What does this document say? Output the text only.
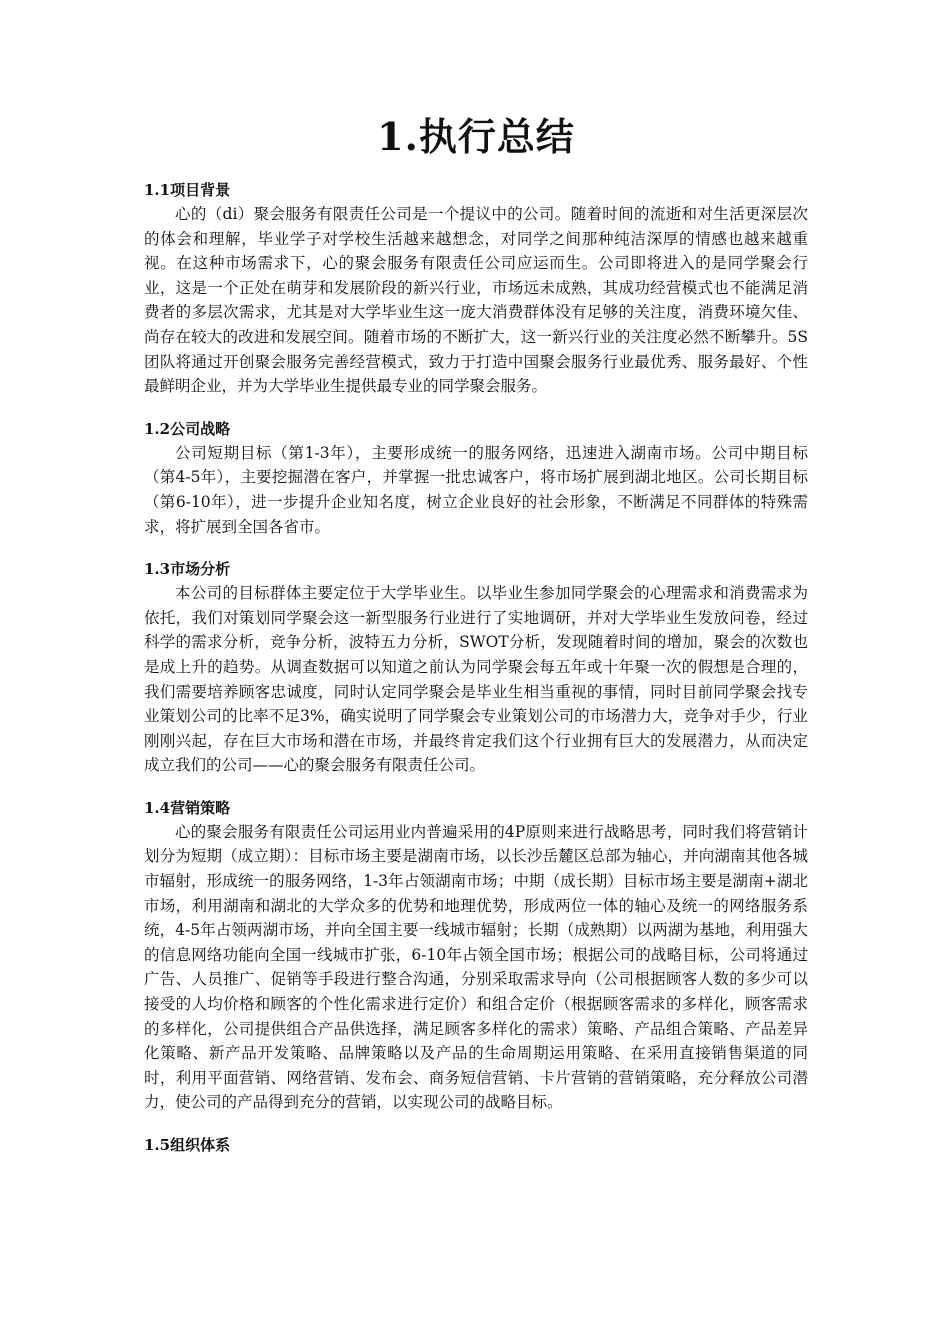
1.执行总结

1.1项目背景

心的（di）聚会服务有限责任公司是一个提议中的公司。随着时间的流逝和对生活更深层次的体会和理解，毕业学子对学校生活越来越想念，对同学之间那种纯洁深厚的情感也越来越重视。在这种市场需求下，心的聚会服务有限责任公司应运而生。公司即将进入的是同学聚会行业，这是一个正处在萌芽和发展阶段的新兴行业，市场远未成熟，其成功经营模式也不能满足消费者的多层次需求，尤其是对大学毕业生这一庞大消费群体没有足够的关注度，消费环境欠佳、尚存在较大的改进和发展空间。随着市场的不断扩大，这一新兴行业的关注度必然不断攀升。5S团队将通过开创聚会服务完善经营模式，致力于打造中国聚会服务行业最优秀、服务最好、个性最鲜明企业，并为大学毕业生提供最专业的同学聚会服务。

1.2公司战略

公司短期目标（第1-3年），主要形成统一的服务网络，迅速进入湖南市场。公司中期目标（第4-5年），主要挖掘潜在客户，并掌握一批忠诚客户，将市场扩展到湖北地区。公司长期目标（第6-10年），进一步提升企业知名度，树立企业良好的社会形象，不断满足不同群体的特殊需求，将扩展到全国各省市。

1.3市场分析

本公司的目标群体主要定位于大学毕业生。以毕业生参加同学聚会的心理需求和消费需求为依托，我们对策划同学聚会这一新型服务行业进行了实地调研，并对大学毕业生发放问卷，经过科学的需求分析，竞争分析，波特五力分析，SWOT分析，发现随着时间的增加，聚会的次数也是成上升的趋势。从调查数据可以知道之前认为同学聚会每五年或十年聚一次的假想是合理的，我们需要培养顾客忠诚度，同时认定同学聚会是毕业生相当重视的事情，同时目前同学聚会找专业策划公司的比率不足3%，确实说明了同学聚会专业策划公司的市场潜力大，竞争对手少，行业刚刚兴起，存在巨大市场和潜在市场，并最终肯定我们这个行业拥有巨大的发展潜力，从而决定成立我们的公司——心的聚会服务有限责任公司。

1.4营销策略

心的聚会服务有限责任公司运用业内普遍采用的4P原则来进行战略思考，同时我们将营销计划分为短期（成立期）：目标市场主要是湖南市场，以长沙岳麓区总部为轴心，并向湖南其他各城市辐射，形成统一的服务网络，1-3年占领湖南市场；中期（成长期）目标市场主要是湖南+湖北市场，利用湖南和湖北的大学众多的优势和地理优势，形成两位一体的轴心及统一的网络服务系统，4-5年占领两湖市场，并向全国主要一线城市辐射；长期（成熟期）以两湖为基地，利用强大的信息网络功能向全国一线城市扩张，6-10年占领全国市场；根据公司的战略目标，公司将通过广告、人员推广、促销等手段进行整合沟通，分别采取需求导向（公司根据顾客人数的多少可以接受的人均价格和顾客的个性化需求进行定价）和组合定价（根据顾客需求的多样化，顾客需求的多样化，公司提供组合产品供选择，满足顾客多样化的需求）策略、产品组合策略、产品差异化策略、新产品开发策略、品牌策略以及产品的生命周期运用策略、在采用直接销售渠道的同时，利用平面营销、网络营销、发布会、商务短信营销、卡片营销的营销策略，充分释放公司潜力，使公司的产品得到充分的营销，以实现公司的战略目标。

1.5组织体系
